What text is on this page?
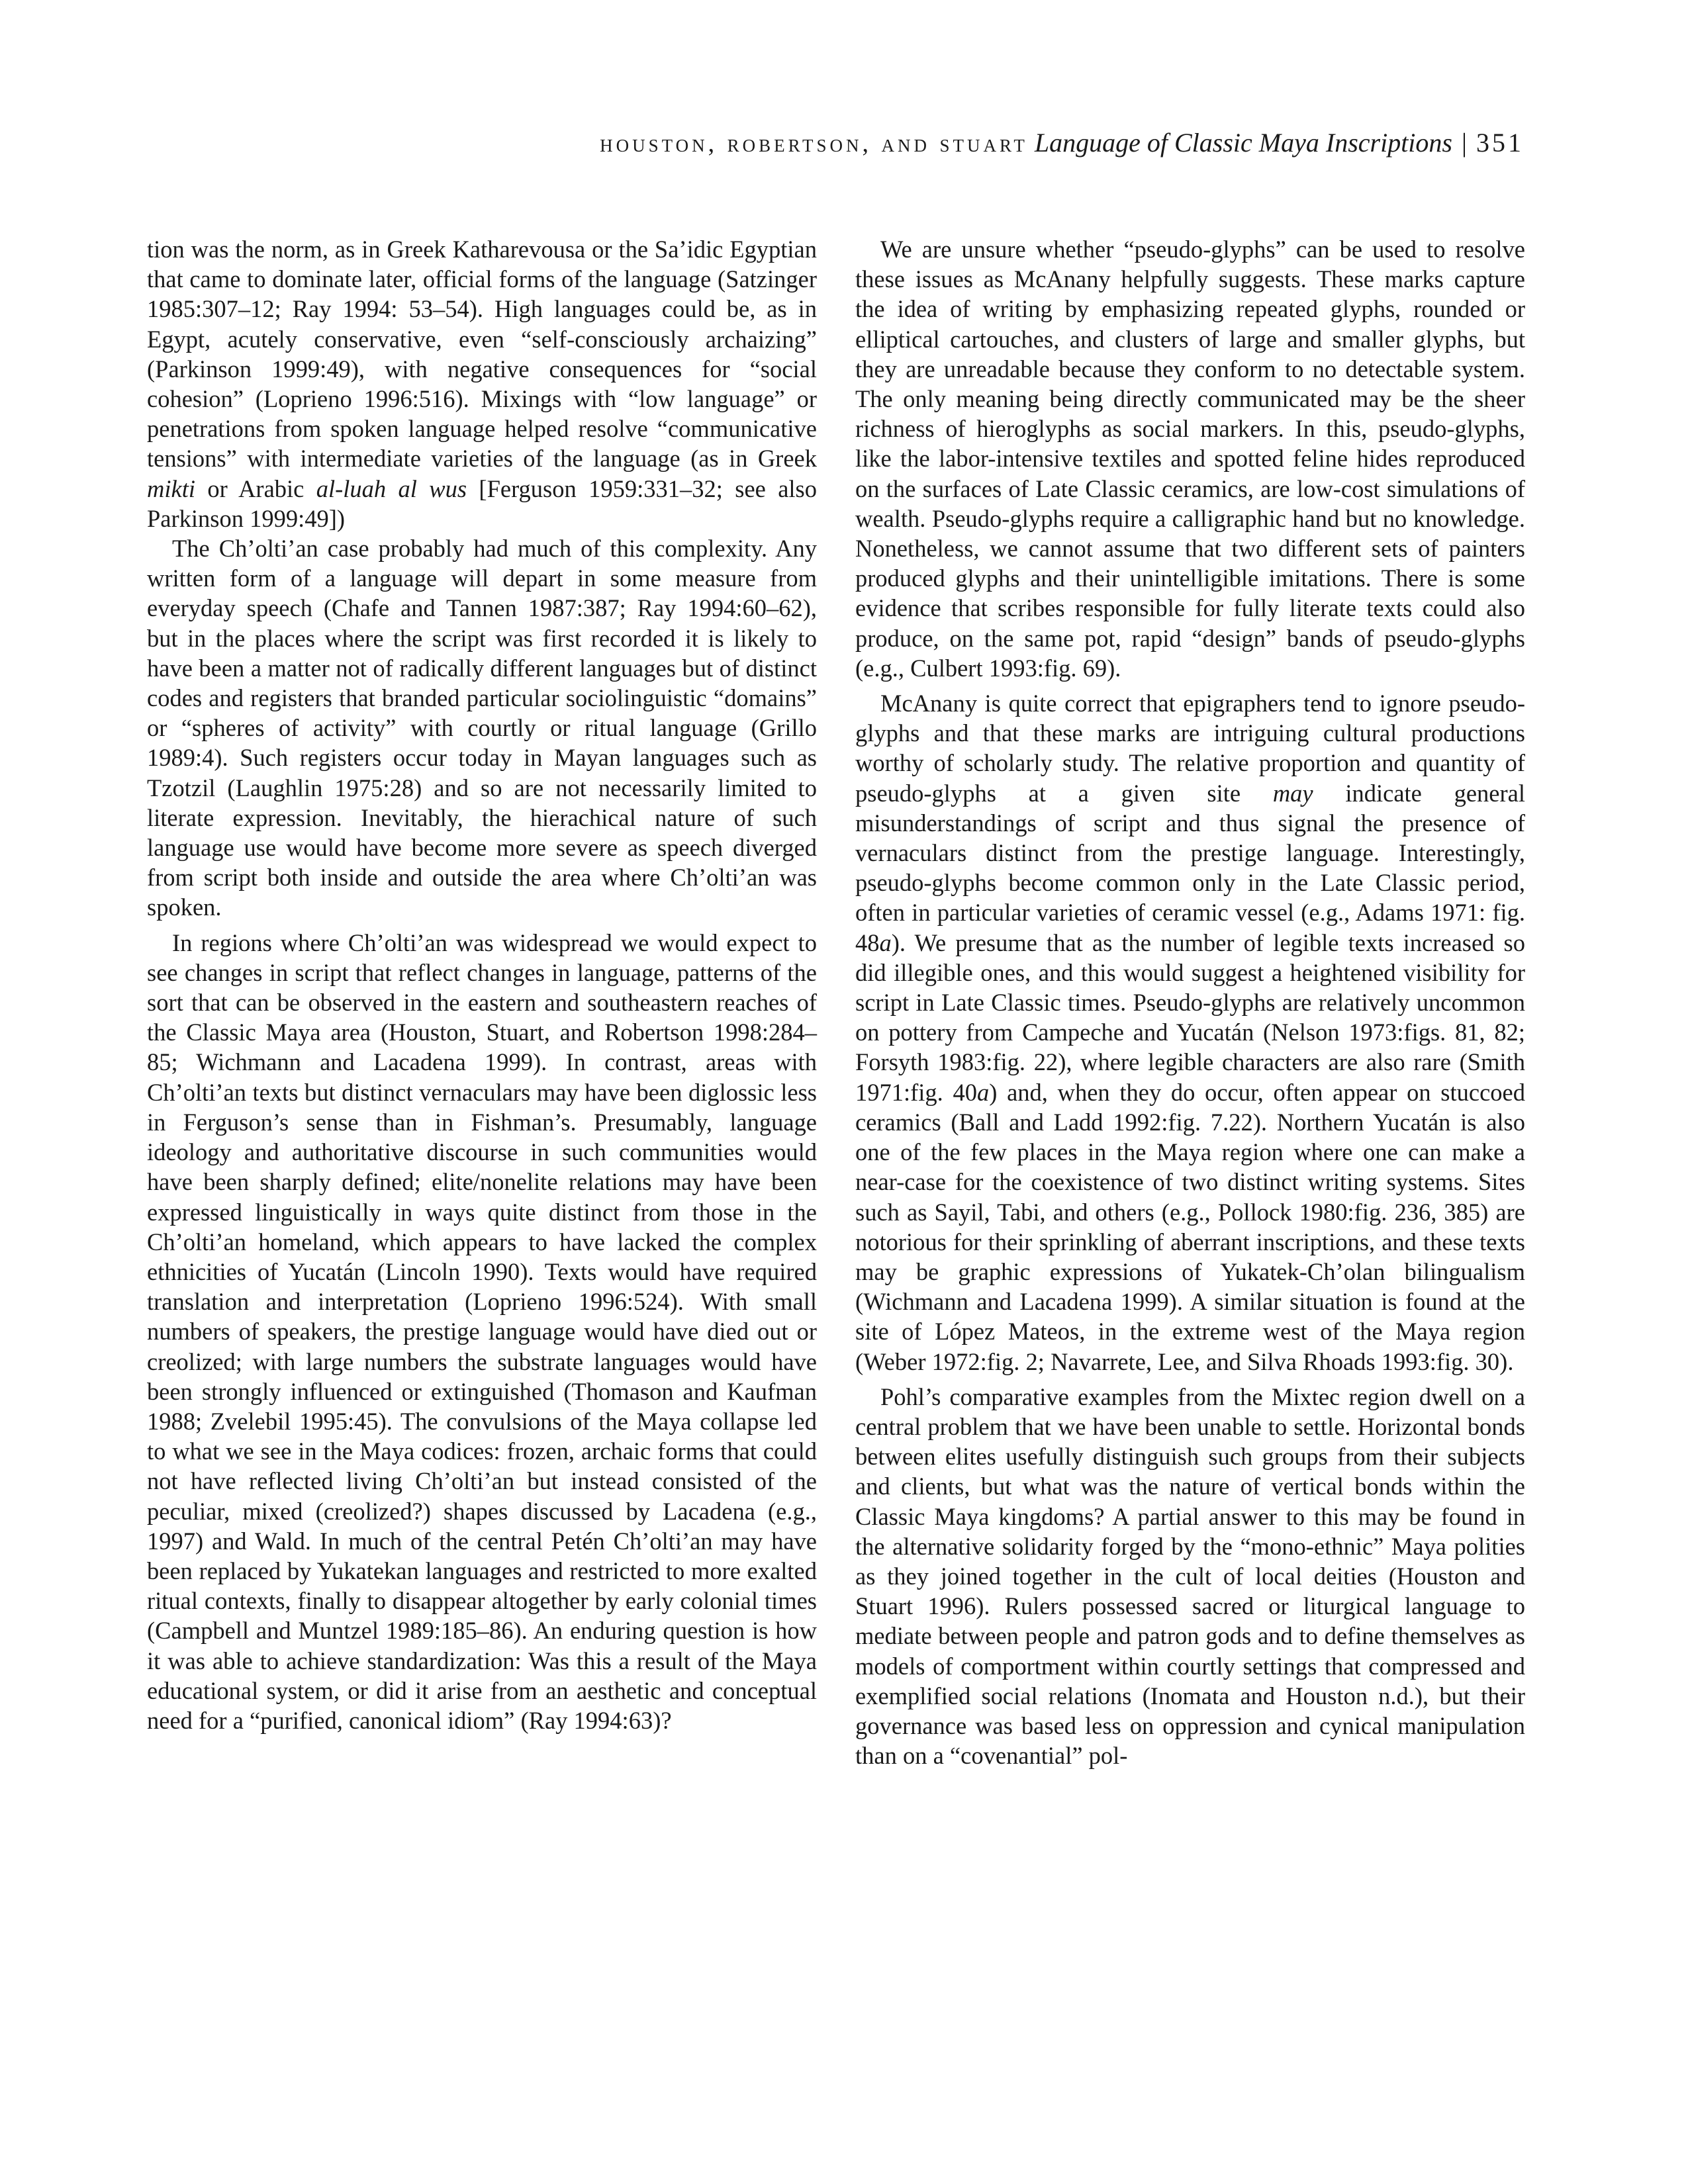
houston, robertson, and stuart Language of Classic Maya Inscriptions | 351

tion was the norm, as in Greek Katharevousa or the Sa’idic Egyptian that came to dominate later, official forms of the language (Satzinger 1985:307–12; Ray 1994: 53–54). High languages could be, as in Egypt, acutely conservative, even “self-consciously archaizing” (Parkinson 1999:49), with negative consequences for “social cohesion” (Loprieno 1996:516). Mixings with “low language” or penetrations from spoken language helped resolve “communicative tensions” with intermediate varieties of the language (as in Greek mikti or Arabic al-luah al wus [Ferguson 1959:331–32; see also Parkinson 1999:49])

The Ch’olti’an case probably had much of this complexity. Any written form of a language will depart in some measure from everyday speech (Chafe and Tannen 1987:387; Ray 1994:60–62), but in the places where the script was first recorded it is likely to have been a matter not of radically different languages but of distinct codes and registers that branded particular sociolinguistic “domains” or “spheres of activity” with courtly or ritual language (Grillo 1989:4). Such registers occur today in Mayan languages such as Tzotzil (Laughlin 1975:28) and so are not necessarily limited to literate expression. Inevitably, the hierachical nature of such language use would have become more severe as speech diverged from script both inside and outside the area where Ch’olti’an was spoken.

In regions where Ch’olti’an was widespread we would expect to see changes in script that reflect changes in language, patterns of the sort that can be observed in the eastern and southeastern reaches of the Classic Maya area (Houston, Stuart, and Robertson 1998:284–85; Wichmann and Lacadena 1999). In contrast, areas with Ch’olti’an texts but distinct vernaculars may have been diglossic less in Ferguson’s sense than in Fishman’s. Presumably, language ideology and authoritative discourse in such communities would have been sharply defined; elite/nonelite relations may have been expressed linguistically in ways quite distinct from those in the Ch’olti’an homeland, which appears to have lacked the complex ethnicities of Yucatán (Lincoln 1990). Texts would have required translation and interpretation (Loprieno 1996:524). With small numbers of speakers, the prestige language would have died out or creolized; with large numbers the substrate languages would have been strongly influenced or extinguished (Thomason and Kaufman 1988; Zvelebil 1995:45). The convulsions of the Maya collapse led to what we see in the Maya codices: frozen, archaic forms that could not have reflected living Ch’olti’an but instead consisted of the peculiar, mixed (creolized?) shapes discussed by Lacadena (e.g., 1997) and Wald. In much of the central Petén Ch’olti’an may have been replaced by Yukatekan languages and restricted to more exalted ritual contexts, finally to disappear altogether by early colonial times (Campbell and Muntzel 1989:185–86). An enduring question is how it was able to achieve standardization: Was this a result of the Maya educational system, or did it arise from an aesthetic and conceptual need for a “purified, canonical idiom” (Ray 1994:63)?

We are unsure whether “pseudo-glyphs” can be used to resolve these issues as McAnany helpfully suggests. These marks capture the idea of writing by emphasizing repeated glyphs, rounded or elliptical cartouches, and clusters of large and smaller glyphs, but they are unreadable because they conform to no detectable system. The only meaning being directly communicated may be the sheer richness of hieroglyphs as social markers. In this, pseudo-glyphs, like the labor-intensive textiles and spotted feline hides reproduced on the surfaces of Late Classic ceramics, are low-cost simulations of wealth. Pseudo-glyphs require a calligraphic hand but no knowledge. Nonetheless, we cannot assume that two different sets of painters produced glyphs and their unintelligible imitations. There is some evidence that scribes responsible for fully literate texts could also produce, on the same pot, rapid “design” bands of pseudo-glyphs (e.g., Culbert 1993:fig. 69).

McAnany is quite correct that epigraphers tend to ignore pseudo-glyphs and that these marks are intriguing cultural productions worthy of scholarly study. The relative proportion and quantity of pseudo-glyphs at a given site may indicate general misunderstandings of script and thus signal the presence of vernaculars distinct from the prestige language. Interestingly, pseudo-glyphs become common only in the Late Classic period, often in particular varieties of ceramic vessel (e.g., Adams 1971: fig. 48a). We presume that as the number of legible texts increased so did illegible ones, and this would suggest a heightened visibility for script in Late Classic times. Pseudo-glyphs are relatively uncommon on pottery from Campeche and Yucatán (Nelson 1973:figs. 81, 82; Forsyth 1983:fig. 22), where legible characters are also rare (Smith 1971:fig. 40a) and, when they do occur, often appear on stuccoed ceramics (Ball and Ladd 1992:fig. 7.22). Northern Yucatán is also one of the few places in the Maya region where one can make a near-case for the coexistence of two distinct writing systems. Sites such as Sayil, Tabi, and others (e.g., Pollock 1980:fig. 236, 385) are notorious for their sprinkling of aberrant inscriptions, and these texts may be graphic expressions of Yukatek-Ch’olan bilingualism (Wichmann and Lacadena 1999). A similar situation is found at the site of López Mateos, in the extreme west of the Maya region (Weber 1972:fig. 2; Navarrete, Lee, and Silva Rhoads 1993:fig. 30).

Pohl’s comparative examples from the Mixtec region dwell on a central problem that we have been unable to settle. Horizontal bonds between elites usefully distinguish such groups from their subjects and clients, but what was the nature of vertical bonds within the Classic Maya kingdoms? A partial answer to this may be found in the alternative solidarity forged by the “mono-ethnic” Maya polities as they joined together in the cult of local deities (Houston and Stuart 1996). Rulers possessed sacred or liturgical language to mediate between people and patron gods and to define themselves as models of comportment within courtly settings that compressed and exemplified social relations (Inomata and Houston n.d.), but their governance was based less on oppression and cynical manipulation than on a “covenantial” pol-
